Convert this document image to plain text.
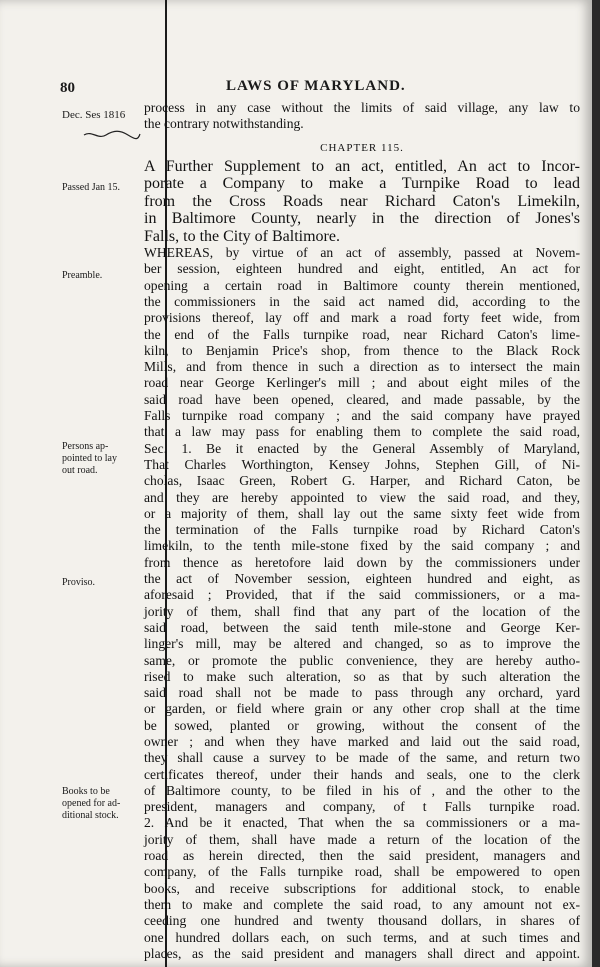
80	LAWS OF MARYLAND.
Dec. Ses 1816
Passed Jan 15.
Preamble.
Persons ap-
pointed to lay
out road.
Proviso.
Books to be
opened for ad-
ditional stock.
process in any case without the limits of said village, any law to
the contrary notwithstanding.
CHAPTER 115.
A Further Supplement to an act, entitled, An act to Incor-
porate a Company to make a Turnpike Road to lead
from the Cross Roads near Richard Caton's Limekiln,
in Baltimore County, nearly in the direction of Jones's
Falls, to the City of Baltimore.
WHEREAS, by virtue of an act of assembly, passed at Novem-
ber session, eighteen hundred and eight, entitled, An act for
opening a certain road in Baltimore county therein mentioned,
the commissioners in the said act named did, according to the
provisions thereof, lay off and mark a road forty feet wide, from
the end of the Falls turnpike road, near Richard Caton's lime-
kiln, to Benjamin Price's shop, from thence to the Black Rock
Mills, and from thence in such a direction as to intersect the main
road near George Kerlinger's mill ; and about eight miles of the
said road have been opened, cleared, and made passable, by the
Falls turnpike road company ; and the said company have prayed
that a law may pass for enabling them to complete the said road,
Sec. 1. Be it enacted by the General Assembly of Maryland,
That Charles Worthington, Kensey Johns, Stephen Gill, of Ni-
cholas, Isaac Green, Robert G. Harper, and Richard Caton, be
and they are hereby appointed to view the said road, and they,
or a majority of them, shall lay out the same sixty feet wide from
the termination of the Falls turnpike road by Richard Caton's
limekiln, to the tenth mile-stone fixed by the said company ; and
from thence as heretofore laid down by the commissioners under
the act of November session, eighteen hundred and eight, as
aforesaid ; Provided, that if the said commissioners, or a ma-
jority of them, shall find that any part of the location of the
said road, between the said tenth mile-stone and George Ker-
linger's mill, may be altered and changed, so as to improve the
same, or promote the public convenience, they are hereby autho-
rised to make such alteration, so as that by such alteration the
said road shall not be made to pass through any orchard, yard
or garden, or field where grain or any other crop shall at the time
be sowed, planted or growing, without the consent of the
owner ; and when they have marked and laid out the said road,
they shall cause a survey to be made of the same, and return two
certificates thereof, under their hands and seals, one to the clerk
of Baltimore county, to be filed in his of , and the other to the
president, managers and company, of t Falls turnpike road.
2. And be it enacted, That when the sa commissioners or a ma-
jority of them, shall have made a return of the location of the
road as herein directed, then the said president, managers and
company, of the Falls turnpike road, shall be empowered to open
books, and receive subscriptions for additional stock, to enable
them to make and complete the said road, to any amount not ex-
ceeding one hundred and twenty thousand dollars, in shares of
one hundred dollars each, on such terms, and at such times and
places, as the said president and managers shall direct and appoint.
